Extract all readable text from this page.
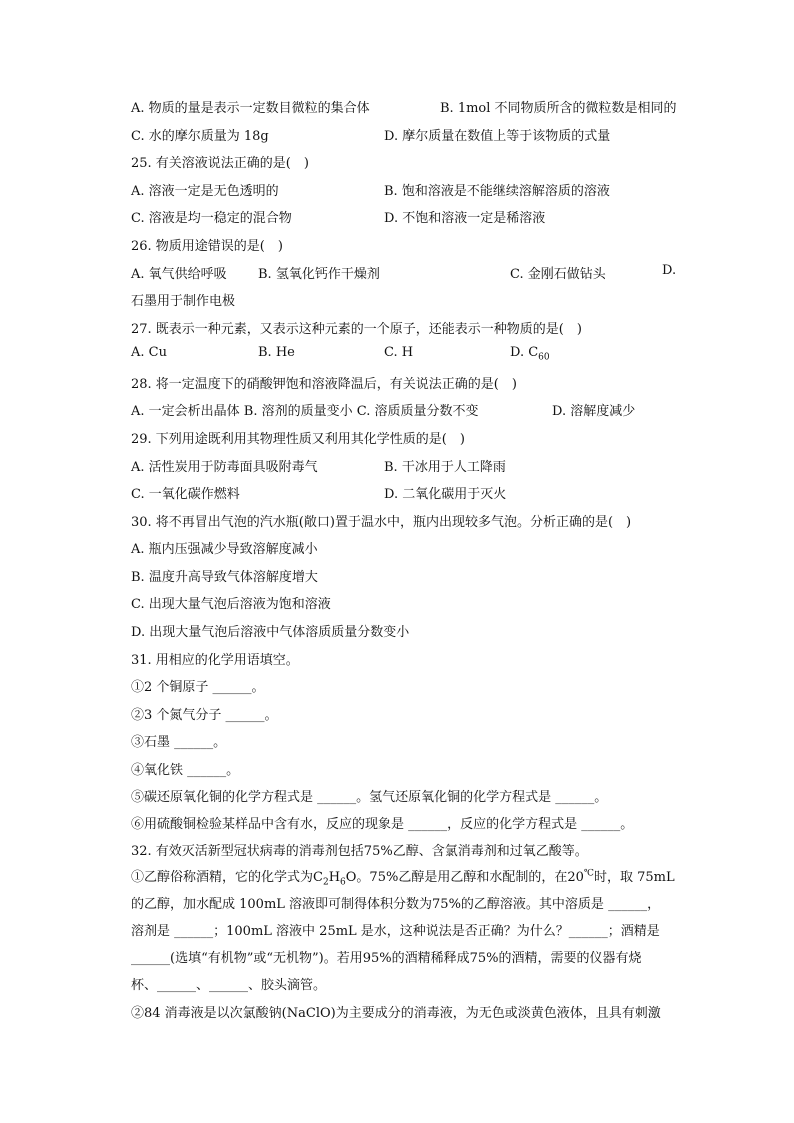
A. 物质的量是表示一定数目微粒的集合体	B. 1mol 不同物质所含的微粒数是相同的
C. 水的摩尔质量为 18g	D. 摩尔质量在数值上等于该物质的式量
25. 有关溶液说法正确的是(　)
A. 溶液一定是无色透明的	B. 饱和溶液是不能继续溶解溶质的溶液
C. 溶液是均一稳定的混合物	D. 不饱和溶液一定是稀溶液
26. 物质用途错误的是(　)
A. 氧气供给呼吸 B. 氢氧化钙作干燥剂	C. 金刚石做钻头	D.
石墨用于制作电极
27. 既表示一种元素，又表示这种元素的一个原子，还能表示一种物质的是(　)
A. Cu	B. He	C. H	D. $C_{60}$
28. 将一定温度下的硝酸钾饱和溶液降温后，有关说法正确的是(　)
A. 一定会析出晶体 B. 溶剂的质量变小 C. 溶质质量分数不变	D. 溶解度减少
29. 下列用途既利用其物理性质又利用其化学性质的是(　)
A. 活性炭用于防毒面具吸附毒气	B. 干冰用于人工降雨
C. 一氧化碳作燃料	D. 二氧化碳用于灭火
30. 将不再冒出气泡的汽水瓶(敞口)置于温水中，瓶内出现较多气泡。分析正确的是(　)
A. 瓶内压强减少导致溶解度减小
B. 温度升高导致气体溶解度增大
C. 出现大量气泡后溶液为饱和溶液
D. 出现大量气泡后溶液中气体溶质质量分数变小
31. 用相应的化学用语填空。
①2 个铜原子 ______。
②3 个氮气分子 ______。
③石墨 ______。
④氧化铁 ______。
⑤碳还原氧化铜的化学方程式是 ______。氢气还原氧化铜的化学方程式是 ______。
⑥用硫酸铜检验某样品中含有水，反应的现象是 ______，反应的化学方程式是 ______。
32. 有效灭活新型冠状病毒的消毒剂包括75%乙醇、含氯消毒剂和过氧乙酸等。
①乙醇俗称酒精，它的化学式为$C_2H_6O$。75%乙醇是用乙醇和水配制的，在20℃时，取 75mL
的乙醇，加水配成 100mL 溶液即可制得体积分数为75%的乙醇溶液。其中溶质是 ______，
溶剂是 ______；100mL 溶液中 25mL 是水，这种说法是否正确？为什么？______；酒精是
______(选填“有机物”或“无机物”)。若用95%的酒精稀释成75%的酒精，需要的仪器有烧
杯、______、______、胶头滴管。
②84 消毒液是以次氯酸钠(NaClO)为主要成分的消毒液，为无色或淡黄色液体，且具有刺激
